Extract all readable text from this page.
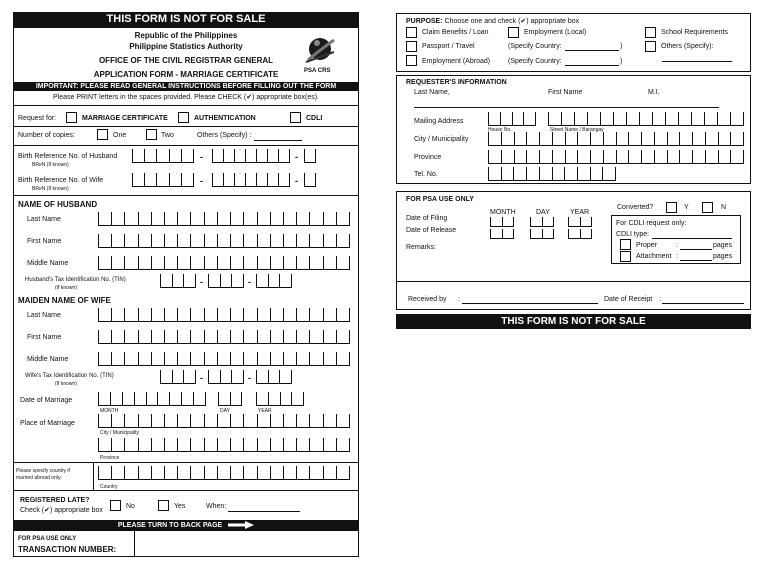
THIS FORM IS NOT FOR SALE
Republic of the Philippines
Philippine Statistics Authority
OFFICE OF THE CIVIL REGISTRAR GENERAL
APPLICATION FORM - MARRIAGE CERTIFICATE	PSA CRS
IMPORTANT: PLEASE READ GENERAL INSTRUCTIONS BEFORE FILLING OUT THE FORM
Please PRINT letters in the spaces provided. Please CHECK (✔) appropriate box(es).
Request for:	MARRIAGE CERTIFICATE	AUTHENTICATION	CDLI
Number of copies:	One	Two	Others (Specify) :
Birth Reference No. of Husband
BReN (If known)
-	-
Birth Reference No. of Wife
BReN (If known)
-	-
NAME OF HUSBAND
Last Name
First Name
Middle Name
Husband's Tax Identification No. (TIN)
(If known)
-	-
MAIDEN NAME OF WIFE
Last Name
First Name
Middle Name
Wife's Tax Identification No. (TIN)
(If known)
-	-
Date of Marriage
MONTH	DAY	YEAR
Place of Marriage
City / Municipality
Province
Please specify country if
married abroad only:
Country
REGISTERED LATE?
Check (✔) appropriate box
No	Yes	When:
PLEASE TURN TO BACK PAGE
FOR PSA USE ONLY
TRANSACTION NUMBER:
PURPOSE: Choose one and check (✔) appropriate box
Claim Benefits / Loan	Employment (Local)	School Requirements
Passport / Travel	(Specify Country:	)	Others (Specify):
Employment (Abroad)	(Specify Country:	)
REQUESTER'S INFORMATION
Last Name,	First Name	M.I.
Mailing Address
House No.	Street Name / Barangay
City / Municipality
Province
Tel. No.
FOR PSA USE ONLY
MONTH	DAY	YEAR
Date of Filing
Date of Release
Remarks:
Converted?	Y	N
For CDLI request only:
CDLI type:
Proper	:	pages
Attachment :	pages
Received by :	Date of Receipt :
THIS FORM IS NOT FOR SALE
